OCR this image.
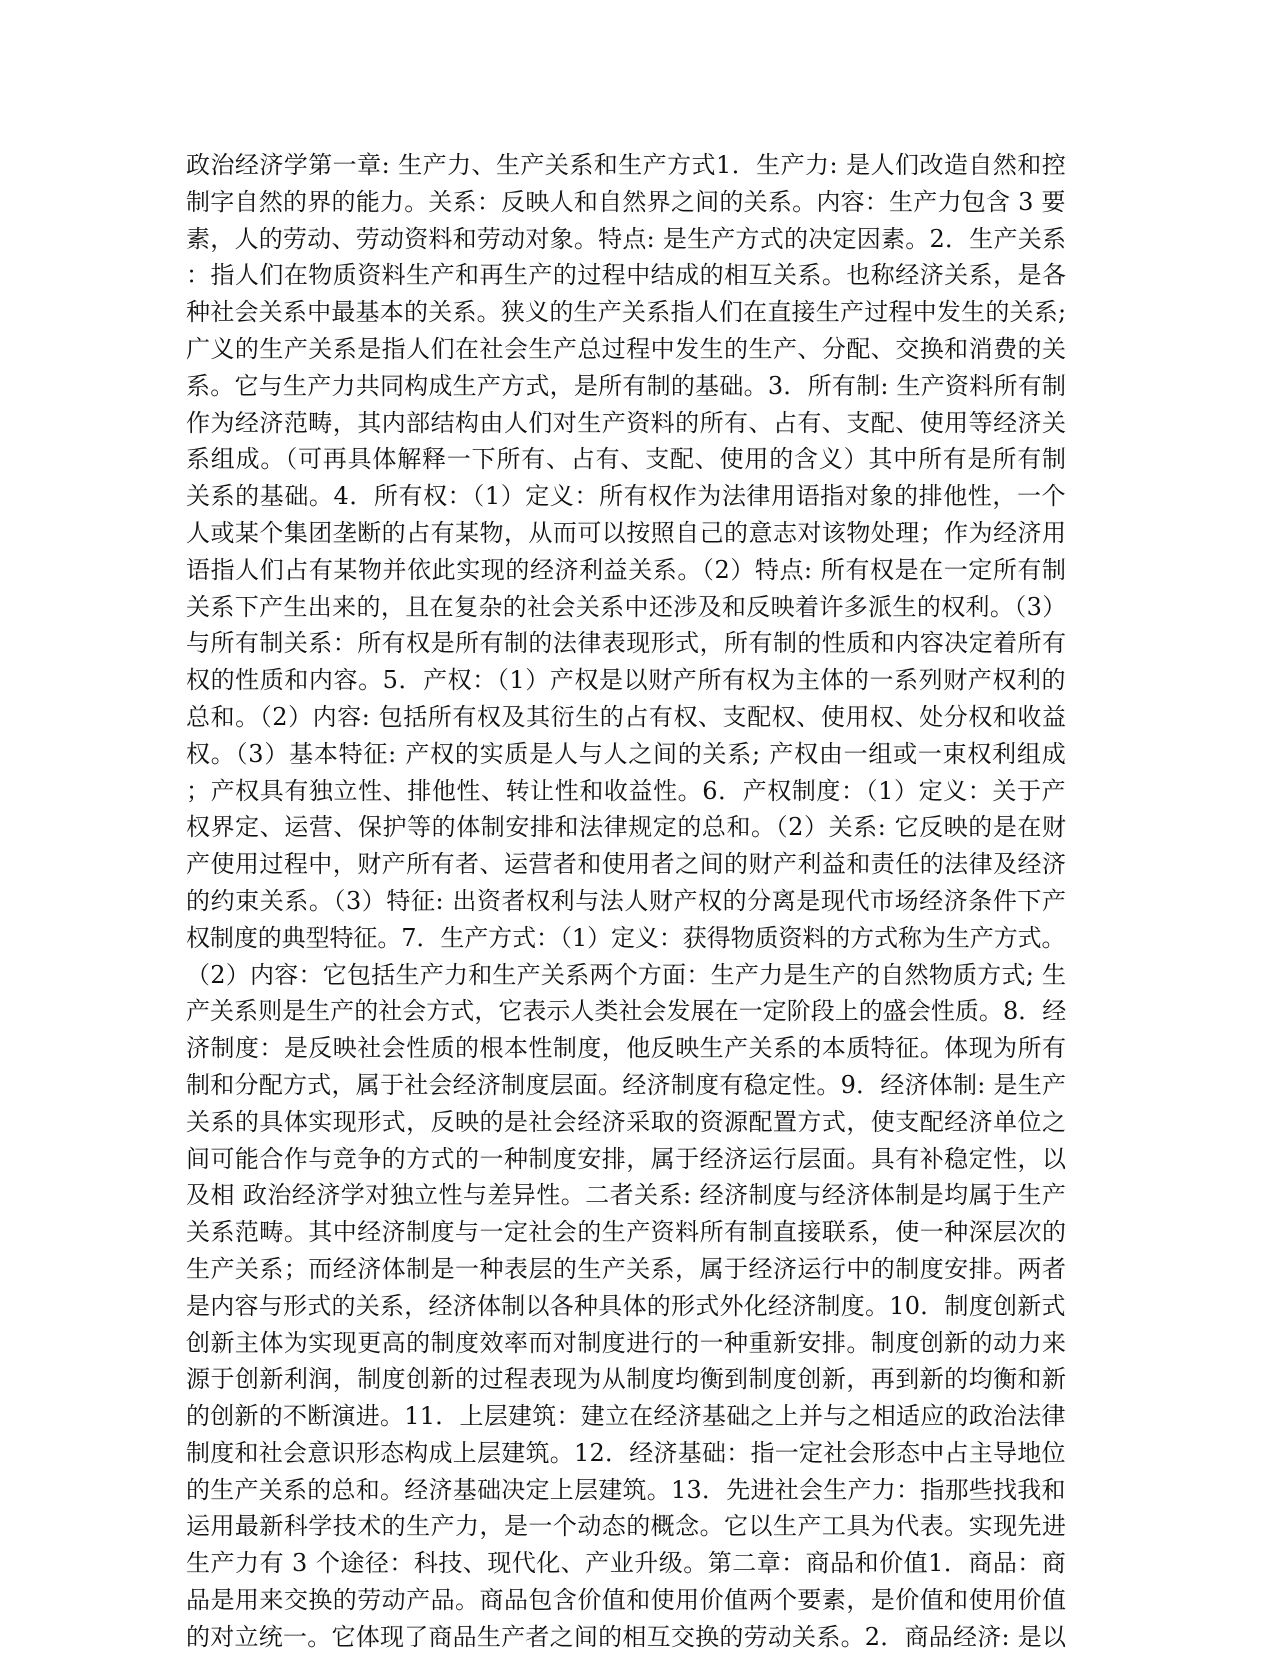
政治经济学第一章: 生产力、生产关系和生产方式1．生产力: 是人们改造自然和控
制字自然的界的能力。关系：反映人和自然界之间的关系。内容：生产力包含 3 要
素，人的劳动、劳动资料和劳动对象。特点: 是生产方式的决定因素。2．生产关系
：指人们在物质资料生产和再生产的过程中结成的相互关系。也称经济关系，是各
种社会关系中最基本的关系。狭义的生产关系指人们在直接生产过程中发生的关系;
广义的生产关系是指人们在社会生产总过程中发生的生产、分配、交换和消费的关
系。它与生产力共同构成生产方式，是所有制的基础。3．所有制: 生产资料所有制
作为经济范畴，其内部结构由人们对生产资料的所有、占有、支配、使用等经济关
系组成。（可再具体解释一下所有、占有、支配、使用的含义）其中所有是所有制
关系的基础。4．所有权：（1）定义：所有权作为法律用语指对象的排他性，一个
人或某个集团垄断的占有某物，从而可以按照自己的意志对该物处理；作为经济用
语指人们占有某物并依此实现的经济利益关系。（2）特点: 所有权是在一定所有制
关系下产生出来的，且在复杂的社会关系中还涉及和反映着许多派生的权利。（3）
与所有制关系：所有权是所有制的法律表现形式，所有制的性质和内容决定着所有
权的性质和内容。5．产权：（1）产权是以财产所有权为主体的一系列财产权利的
总和。（2）内容: 包括所有权及其衍生的占有权、支配权、使用权、处分权和收益
权。（3）基本特征: 产权的实质是人与人之间的关系; 产权由一组或一束权利组成
；产权具有独立性、排他性、转让性和收益性。6．产权制度：（1）定义：关于产
权界定、运营、保护等的体制安排和法律规定的总和。（2）关系: 它反映的是在财
产使用过程中，财产所有者、运营者和使用者之间的财产利益和责任的法律及经济
的约束关系。（3）特征: 出资者权利与法人财产权的分离是现代市场经济条件下产
权制度的典型特征。7．生产方式：（1）定义：获得物质资料的方式称为生产方式。
（2）内容：它包括生产力和生产关系两个方面：生产力是生产的自然物质方式; 生
产关系则是生产的社会方式，它表示人类社会发展在一定阶段上的盛会性质。8．经
济制度：是反映社会性质的根本性制度，他反映生产关系的本质特征。体现为所有
制和分配方式，属于社会经济制度层面。经济制度有稳定性。9．经济体制: 是生产
关系的具体实现形式，反映的是社会经济采取的资源配置方式，使支配经济单位之
间可能合作与竞争的方式的一种制度安排，属于经济运行层面。具有补稳定性，以
及相 政治经济学对独立性与差异性。二者关系: 经济制度与经济体制是均属于生产
关系范畴。其中经济制度与一定社会的生产资料所有制直接联系，使一种深层次的
生产关系；而经济体制是一种表层的生产关系，属于经济运行中的制度安排。两者
是内容与形式的关系，经济体制以各种具体的形式外化经济制度。10．制度创新式
创新主体为实现更高的制度效率而对制度进行的一种重新安排。制度创新的动力来
源于创新利润，制度创新的过程表现为从制度均衡到制度创新，再到新的均衡和新
的创新的不断演进。11．上层建筑：建立在经济基础之上并与之相适应的政治法律
制度和社会意识形态构成上层建筑。12．经济基础：指一定社会形态中占主导地位
的生产关系的总和。经济基础决定上层建筑。13．先进社会生产力：指那些找我和
运用最新科学技术的生产力，是一个动态的概念。它以生产工具为代表。实现先进
生产力有 3 个途径：科技、现代化、产业升级。第二章：商品和价值1．商品：商
品是用来交换的劳动产品。商品包含价值和使用价值两个要素，是价值和使用价值
的对立统一。它体现了商品生产者之间的相互交换的劳动关系。2．商品经济: 是以
